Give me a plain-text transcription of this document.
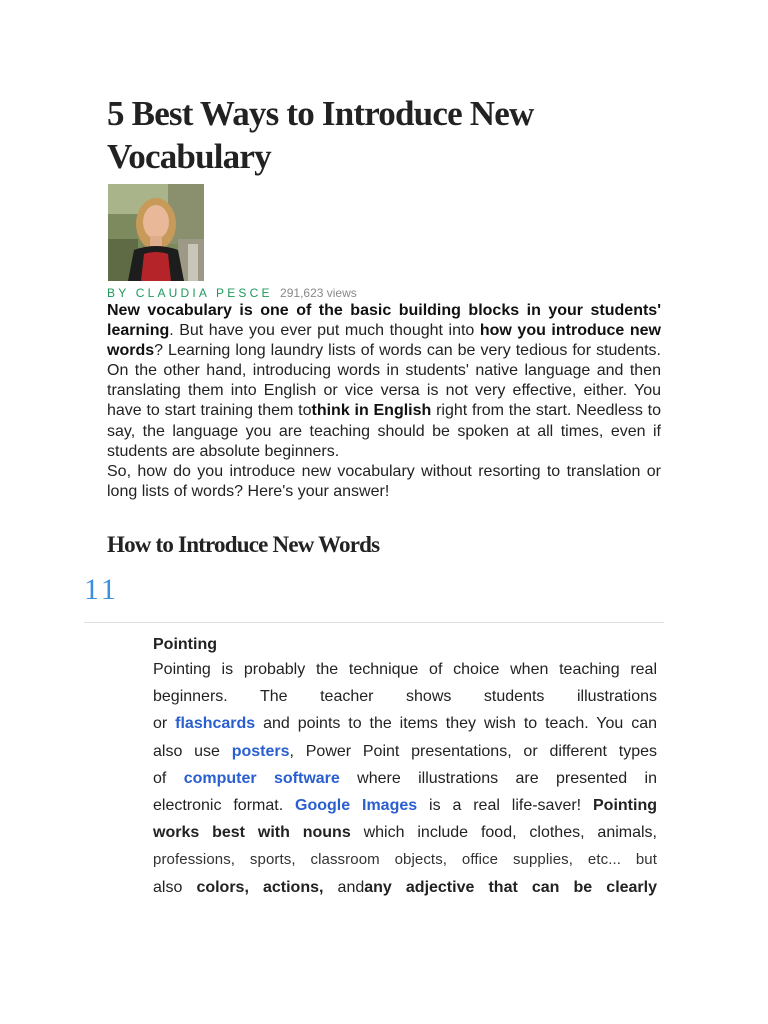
5 Best Ways to Introduce New
Vocabulary
BY CLAUDIA PESCE 291,623 views

New vocabulary is one of the basic building blocks in your students' learning. But have you ever put much thought into how you introduce new words? Learning long laundry lists of words can be very tedious for students. On the other hand, introducing words in students' native language and then translating them into English or vice versa is not very effective, either. You have to start training them tothink in English right from the start. Needless to say, the language you are teaching should be spoken at all times, even if students are absolute beginners.

So, how do you introduce new vocabulary without resorting to translation or long lists of words? Here's your answer!

How to Introduce New Words
11
Pointing
Pointing is probably the technique of choice when teaching real
beginners. The teacher shows students illustrations
or flashcards and points to the items they wish to teach. You can
also use posters, Power Point presentations, or different types
of computer software where illustrations are presented in
electronic format. Google Images is a real life-saver! Pointing
works best with nouns which include food, clothes, animals,
professions, sports, classroom objects, office supplies, etc... but
also colors, actions, andany adjective that can be clearly
